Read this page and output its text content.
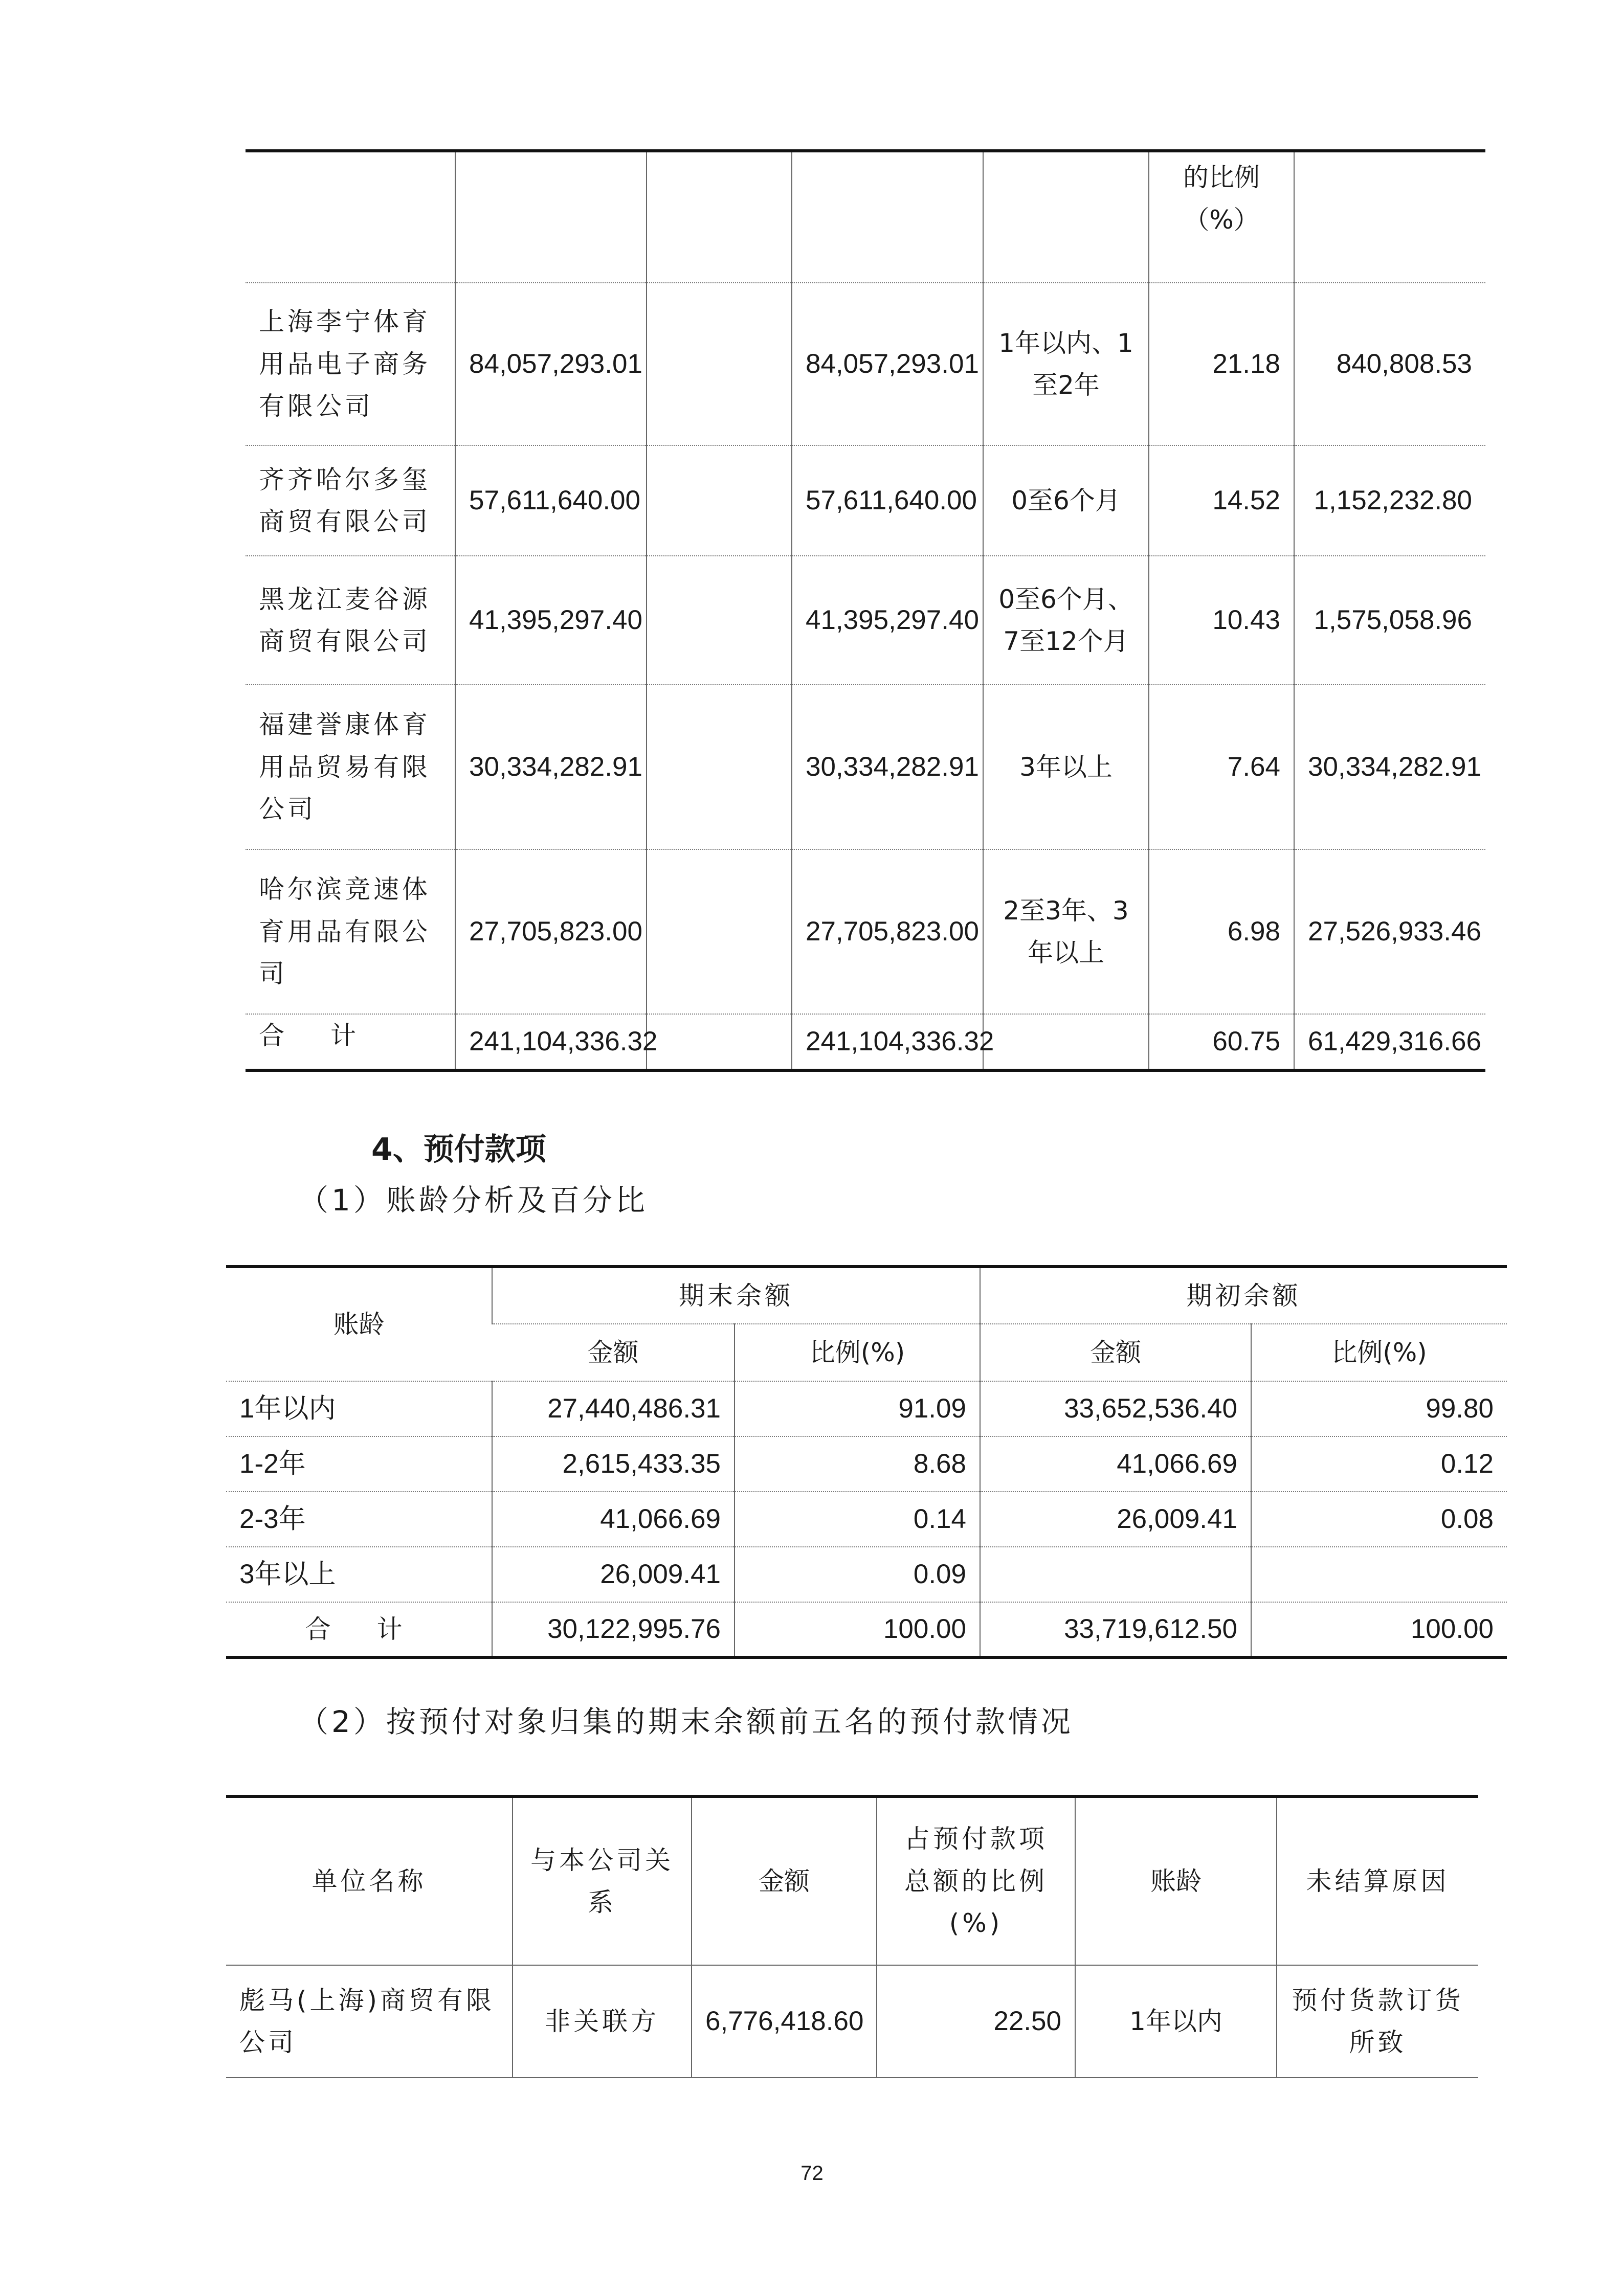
					的比例（%）	
上海李宁体育用品电子商务有限公司	84,057,293.01		84,057,293.01	1年以内、1至2年	21.18	840,808.53
齐齐哈尔多玺商贸有限公司	57,611,640.00		57,611,640.00	0至6个月	14.52	1,152,232.80
黑龙江麦谷源商贸有限公司	41,395,297.40		41,395,297.40	0至6个月、7至12个月	10.43	1,575,058.96
福建誉康体育用品贸易有限公司	30,334,282.91		30,334,282.91	3年以上	7.64	30,334,282.91
哈尔滨竞速体育用品有限公司	27,705,823.00		27,705,823.00	2至3年、3年以上	6.98	27,526,933.46
合　计	241,104,336.32		241,104,336.32		60.75	61,429,316.66
4、预付款项
（1）账龄分析及百分比
账龄	期末余额		期初余额	
	金额	比例(%)	金额	比例(%)
1年以内	27,440,486.31	91.09	33,652,536.40	99.80
1-2年	2,615,433.35	8.68	41,066.69	0.12
2-3年	41,066.69	0.14	26,009.41	0.08
3年以上	26,009.41	0.09		
合　计	30,122,995.76	100.00	33,719,612.50	100.00
（2）按预付对象归集的期末余额前五名的预付款情况
单位名称	与本公司关系	金额	占预付款项总额的比例(%)	账龄	未结算原因
彪马(上海)商贸有限公司	非关联方	6,776,418.60	22.50	1年以内	预付货款订货所致
72
